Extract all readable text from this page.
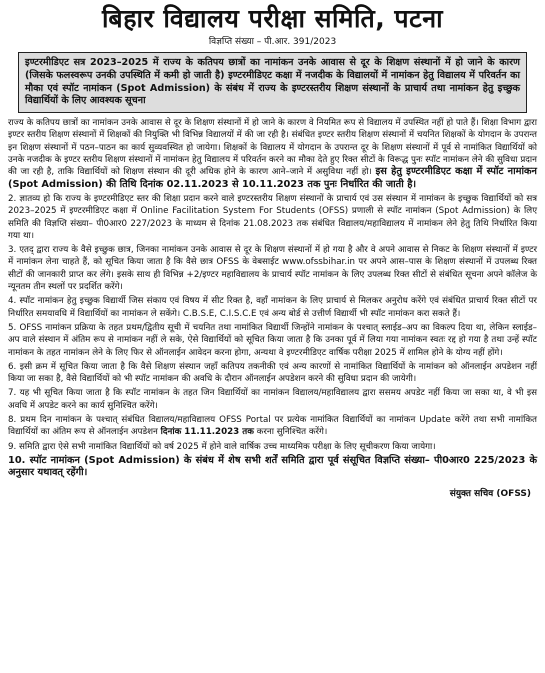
बिहार विद्यालय परीक्षा समिति, पटना
विज्ञप्ति संख्या – पी.आर. 391/2023
इण्टरमीडिएट सत्र 2023–2025 में राज्य के कतिपय छात्रों का नामांकन उनके आवास से दूर के शिक्षण संस्थानों में हो जाने के कारण (जिसके फलस्वरूप उनकी उपस्थिति में कमी हो जाती है) इण्टरमीडिएट कक्षा में नजदीक के विद्यालयों में नामांकन हेतु विद्यालय में परिवर्तन का मौका एवं स्पॉट नामांकन (Spot Admission) के संबंध में राज्य के इण्टरस्तरीय शिक्षण संस्थानों के प्राचार्य तथा नामांकन हेतु इच्छुक विद्यार्थियों के लिए आवश्यक सूचना

राज्य के कतिपय छात्रों का नामांकन उनके आवास से दूर के शिक्षण संस्थानों में हो जाने के कारण वे नियमित रूप से विद्यालय में उपस्थित नहीं हो पाते हैं। शिक्षा विभाग द्वारा इण्टर स्तरीय शिक्षण संस्थानों में शिक्षकों की नियुक्ति भी विभिन्न विद्यालयों में की जा रही है। संबंधित इण्टर स्तरीय शिक्षण संस्थानों में चयनित शिक्षकों के योगदान के उपरान्त इन शिक्षण संस्थानों में पठन–पाठन का कार्य सुव्यवस्थित हो जायेगा। शिक्षकों के विद्यालय में योगदान के उपरान्त दूर के शिक्षण संस्थानों में पूर्व से नामांकित विद्यार्थियों को उनके नजदीक के इण्टर स्तरीय शिक्षण संस्थानों में नामांकन हेतु विद्यालय में परिवर्तन करने का मौका देते हुए रिक्त सीटों के विरूद्ध पुनः स्पॉट नामांकन लेने की सुविधा प्रदान की जा रही है, ताकि विद्यार्थियों को शिक्षण संस्थान की दूरी अधिक होने के कारण आने–जाने में असुविधा नहीं हो। इस हेतु इण्टरमीडिएट कक्षा में स्पॉट नामांकन (Spot Admission) की तिथि दिनांक 02.11.2023 से 10.11.2023 तक पुनः निर्धारित की जाती है।

2. ज्ञातव्य हो कि राज्य के इण्टरमीडिएट स्तर की शिक्षा प्रदान करने वाले इण्टरस्तरीय शिक्षण संस्थानों के प्राचार्य एवं उस संस्थान में नामांकन के इच्छुक विद्यार्थियों को सत्र 2023–2025 में इण्टरमीडिएट कक्षा में Online Facilitation System For Students (OFSS) प्रणाली से स्पॉट नामांकन (Spot Admission) के लिए समिति की विज्ञप्ति संख्या– पी0आर0 227/2023 के माध्यम से दिनांक 21.08.2023 तक संबंधित विद्यालय/महाविद्यालय में नामांकन लेने हेतु तिथि निर्धारित किया गया था।

3. एतद् द्वारा राज्य के वैसे इच्छुक छात्र, जिनका नामांकन उनके आवास से दूर के शिक्षण संस्थानों में हो गया है और वे अपने आवास से निकट के शिक्षण संस्थानों में इण्टर में नामांकन लेना चाहते हैं, को सूचित किया जाता है कि वैसे छात्र OFSS के वेबसाईट www.ofssbihar.in पर अपने आस–पास के शिक्षण संस्थानों में उपलब्ध रिक्त सीटों की जानकारी प्राप्त कर लेंगे। इसके साथ ही विभिन्न +2/इण्टर महाविद्यालय के प्राचार्य स्पॉट नामांकन के लिए उपलब्ध रिक्त सीटों से संबंधित सूचना अपने कॉलेज के न्यूनतम तीन स्थलों पर प्रदर्शित करेंगे।

4. स्पॉट नामांकन हेतु इच्छुक विद्यार्थी जिस संकाय एवं विषय में सीट रिक्त है, वहाँ नामांकन के लिए प्राचार्य से मिलकर अनुरोध करेंगे एवं संबंधित प्राचार्य रिक्त सीटों पर निर्धारित समयावधि में विद्यार्थियों का नामांकन ले सकेंगे। C.B.S.E, C.I.S.C.E एवं अन्य बोर्ड से उत्तीर्ण विद्यार्थी भी स्पॉट नामांकन करा सकते हैं।

5. OFSS नामांकन प्रक्रिया के तहत प्रथम/द्वितीय सूची में चयनित तथा नामांकित विद्यार्थी जिन्होंने नामांकन के पश्चात् स्लाईड–अप का विकल्प दिया था, लेकिन स्लाईड–अप वाले संस्थान में अंतिम रूप से नामांकन नहीं ले सके, ऐसे विद्यार्थियों को सूचित किया जाता है कि उनका पूर्व में लिया गया नामांकन स्वतः रद्द हो गया है तथा उन्हें स्पॉट नामांकन के तहत नामांकन लेने के लिए फिर से ऑनलाईन आवेदन करना होगा, अन्यथा वे इण्टरमीडिएट वार्षिक परीक्षा 2025 में शामिल होने के योग्य नहीं होंगे।

6. इसी क्रम में सूचित किया जाता है कि वैसे शिक्षण संस्थान जहाँ कतिपय तकनीकी एवं अन्य कारणों से नामांकित विद्यार्थियों के नामांकन को ऑनलाईन अपडेशन नहीं किया जा सका है, वैसे विद्यार्थियों को भी स्पॉट नामांकन की अवधि के दौरान ऑनलाईन अपडेशन करने की सुविधा प्रदान की जायेगी।

7. यह भी सूचित किया जाता है कि स्पॉट नामांकन के तहत जिन विद्यार्थियों का नामांकन विद्यालय/महाविद्यालय द्वारा ससमय अपडेट नहीं किया जा सका था, वे भी इस अवधि में अपडेट करने का कार्य सुनिश्चित करेंगे।

8. प्रथम दिन नामांकन के पश्चात् संबंधित विद्यालय/महाविद्यालय OFSS Portal पर प्रत्येक नामांकित विद्यार्थियों का नामांकन Update करेंगे तथा सभी नामांकित विद्यार्थियों का अंतिम रूप से ऑनलाईन अपडेशन दिनांक 11.11.2023 तक करना सुनिश्चित करेंगे।

9. समिति द्वारा ऐसे सभी नामांकित विद्यार्थियों को वर्ष 2025 में होने वाले वार्षिक उच्च माध्यमिक परीक्षा के लिए सूचीकरण किया जायेगा।

10. स्पॉट नामांकन (Spot Admission) के संबंध में शेष सभी शर्तें समिति द्वारा पूर्व संसूचित विज्ञप्ति संख्या– पी0आर0 225/2023 के अनुसार यथावत् रहेंगी।

संयुक्त सचिव (OFSS)
